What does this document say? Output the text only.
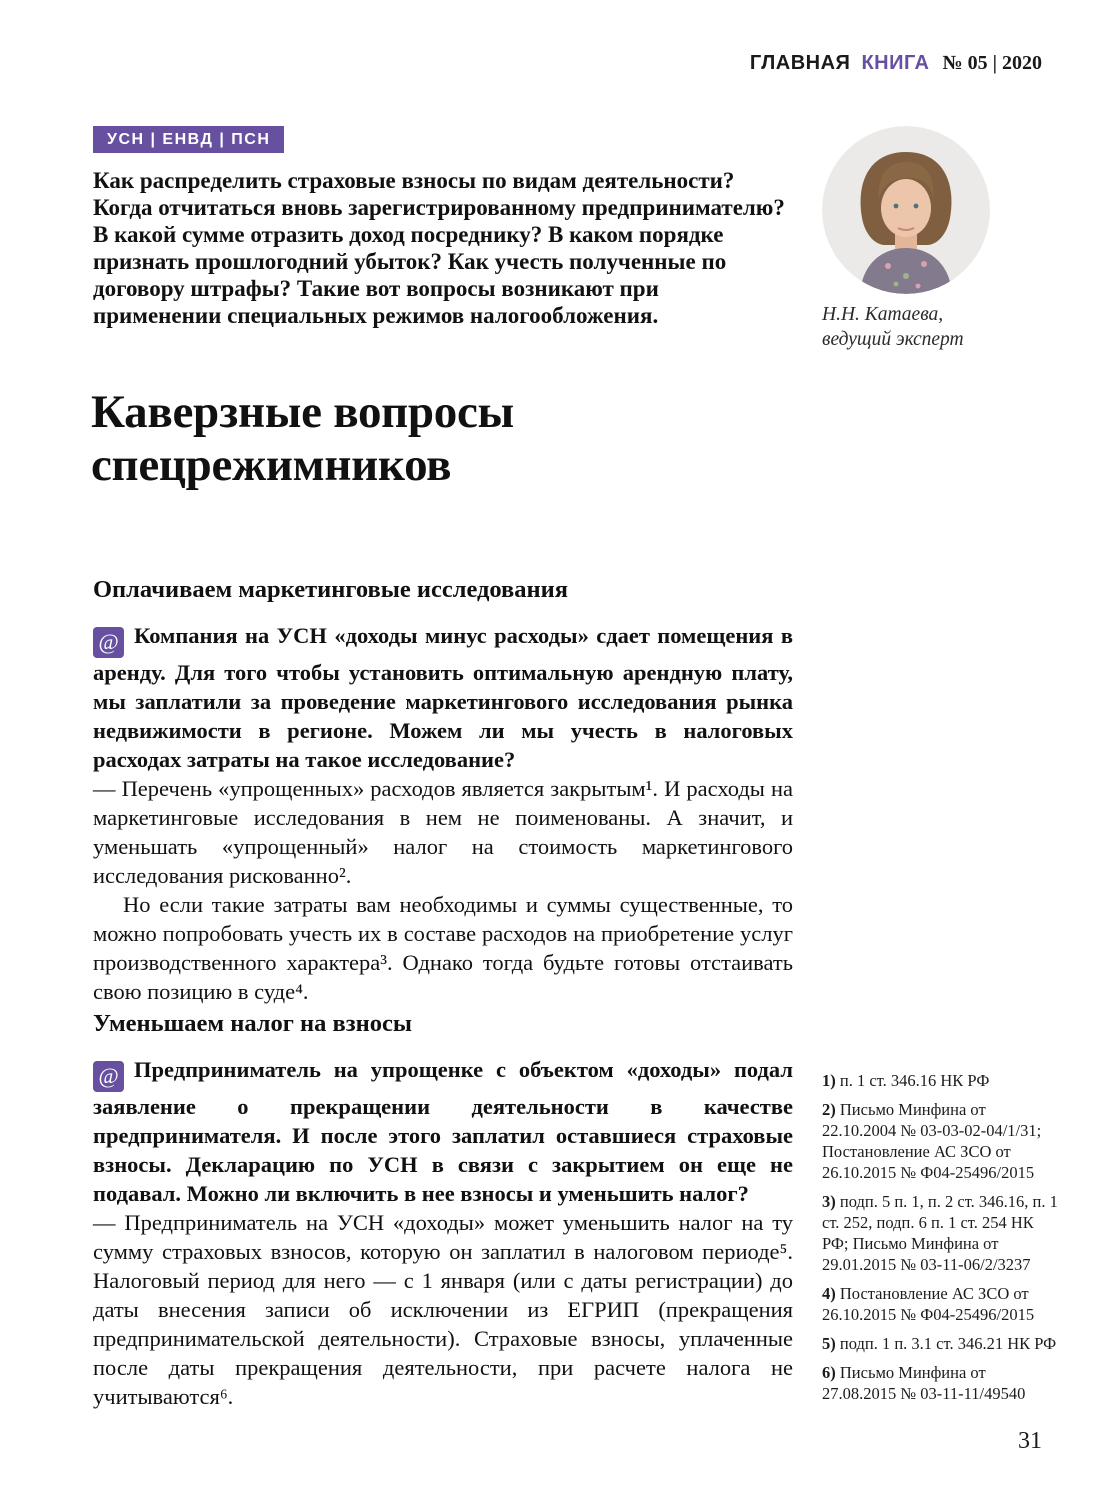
ГЛАВНАЯ КНИГА № 05 | 2020
УСН | ЕНВД | ПСН

Как распределить страховые взносы по видам деятельности? Когда отчитаться вновь зарегистрированному предпринимателю? В какой сумме отразить доход посреднику? В каком порядке признать прошлогодний убыток? Как учесть полученные по договору штрафы? Такие вот вопросы возникают при применении специальных режимов налогообложения.

Каверзные вопросы спецрежимников
Н.Н. Катаева,
ведущий эксперт
Оплачиваем маркетинговые исследования

@ Компания на УСН «доходы минус расходы» сдает помещения в аренду. Для того чтобы установить оптимальную арендную плату, мы заплатили за проведение маркетингового исследования рынка недвижимости в регионе. Можем ли мы учесть в налоговых расходах затраты на такое исследование?

— Перечень «упрощенных» расходов является закрытым¹. И расходы на маркетинговые исследования в нем не поименованы. А значит, и уменьшать «упрощенный» налог на стоимость маркетингового исследования рискованно².

Но если такие затраты вам необходимы и суммы существенные, то можно попробовать учесть их в составе расходов на приобретение услуг производственного характера³. Однако тогда будьте готовы отстаивать свою позицию в суде⁴.

Уменьшаем налог на взносы

@ Предприниматель на упрощенке с объектом «доходы» подал заявление о прекращении деятельности в качестве предпринимателя. И после этого заплатил оставшиеся страховые взносы. Декларацию по УСН в связи с закрытием он еще не подавал. Можно ли включить в нее взносы и уменьшить налог?

— Предприниматель на УСН «доходы» может уменьшить налог на ту сумму страховых взносов, которую он заплатил в налоговом периоде⁵. Налоговый период для него — с 1 января (или с даты регистрации) до даты внесения записи об исключении из ЕГРИП (прекращения предпринимательской деятельности). Страховые взносы, уплаченные после даты прекращения деятельности, при расчете налога не учитываются⁶.

1) п. 1 ст. 346.16 НК РФ
2) Письмо Минфина от 22.10.2004 № 03-03-02-04/1/31; Постановление АС ЗСО от 26.10.2015 № Ф04-25496/2015
3) подп. 5 п. 1, п. 2 ст. 346.16, п. 1 ст. 252, подп. 6 п. 1 ст. 254 НК РФ; Письмо Минфина от 29.01.2015 № 03-11-06/2/3237
4) Постановление АС ЗСО от 26.10.2015 № Ф04-25496/2015
5) подп. 1 п. 3.1 ст. 346.21 НК РФ
6) Письмо Минфина от 27.08.2015 № 03-11-11/49540
31
